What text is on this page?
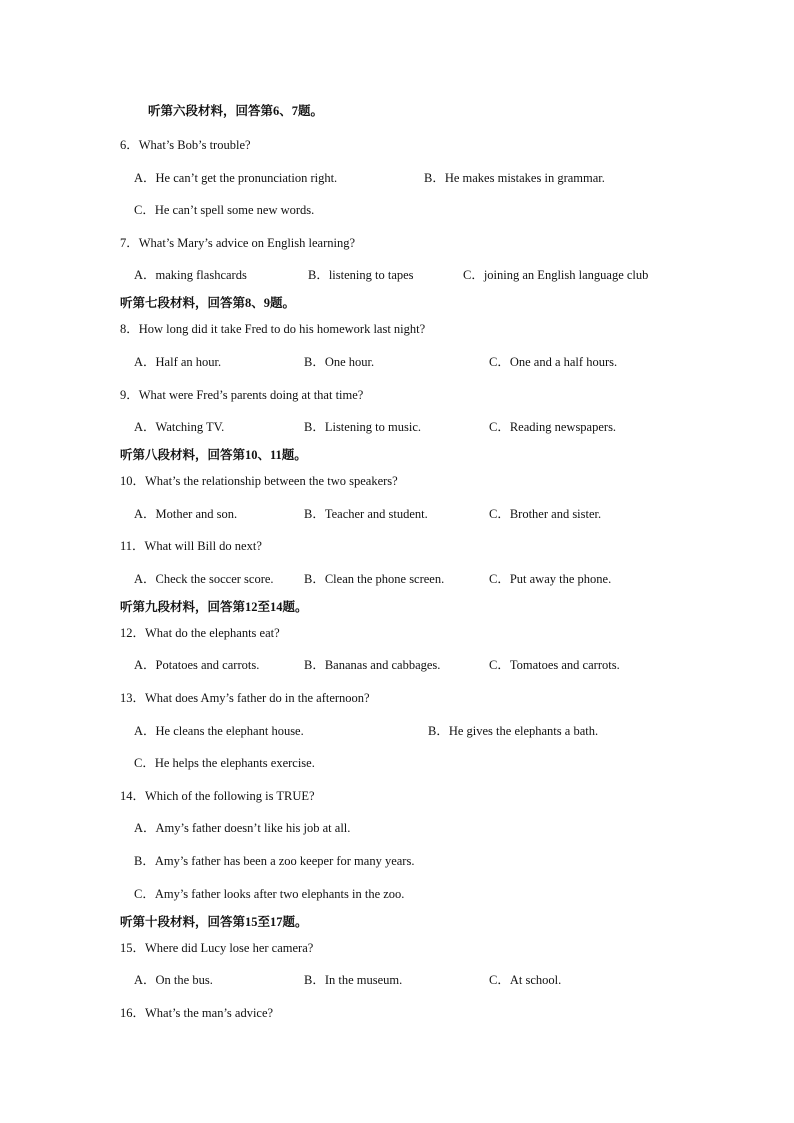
听第六段材料，回答第6、7题。
6．What’s Bob’s trouble?
A．He can’t get the pronunciation right.	B．He makes mistakes in grammar.
C．He can’t spell some new words.
7．What’s Mary’s advice on English learning?
A．making flashcards	B．listening to tapes	C．joining an English language club
听第七段材料，回答第8、9题。
8．How long did it take Fred to do his homework last night?
A．Half an hour.	B．One hour.	C．One and a half hours.
9．What were Fred’s parents doing at that time?
A．Watching TV.	B．Listening to music.	C．Reading newspapers.
听第八段材料，回答第10、11题。
10．What’s the relationship between the two speakers?
A．Mother and son.	B．Teacher and student.	C．Brother and sister.
11．What will Bill do next?
A．Check the soccer score. B．Clean the phone screen.	C．Put away the phone.
听第九段材料，回答第12至14题。
12．What do the elephants eat?
A．Potatoes and carrots.	B．Bananas and cabbages.	C．Tomatoes and carrots.
13．What does Amy’s father do in the afternoon?
A．He cleans the elephant house.	B．He gives the elephants a bath.
C．He helps the elephants exercise.
14．Which of the following is TRUE?
A．Amy’s father doesn’t like his job at all.
B．Amy’s father has been a zoo keeper for many years.
C．Amy’s father looks after two elephants in the zoo.
听第十段材料，回答第15至17题。
15．Where did Lucy lose her camera?
A．On the bus.	B．In the museum.	C．At school.
16．What’s the man’s advice?
